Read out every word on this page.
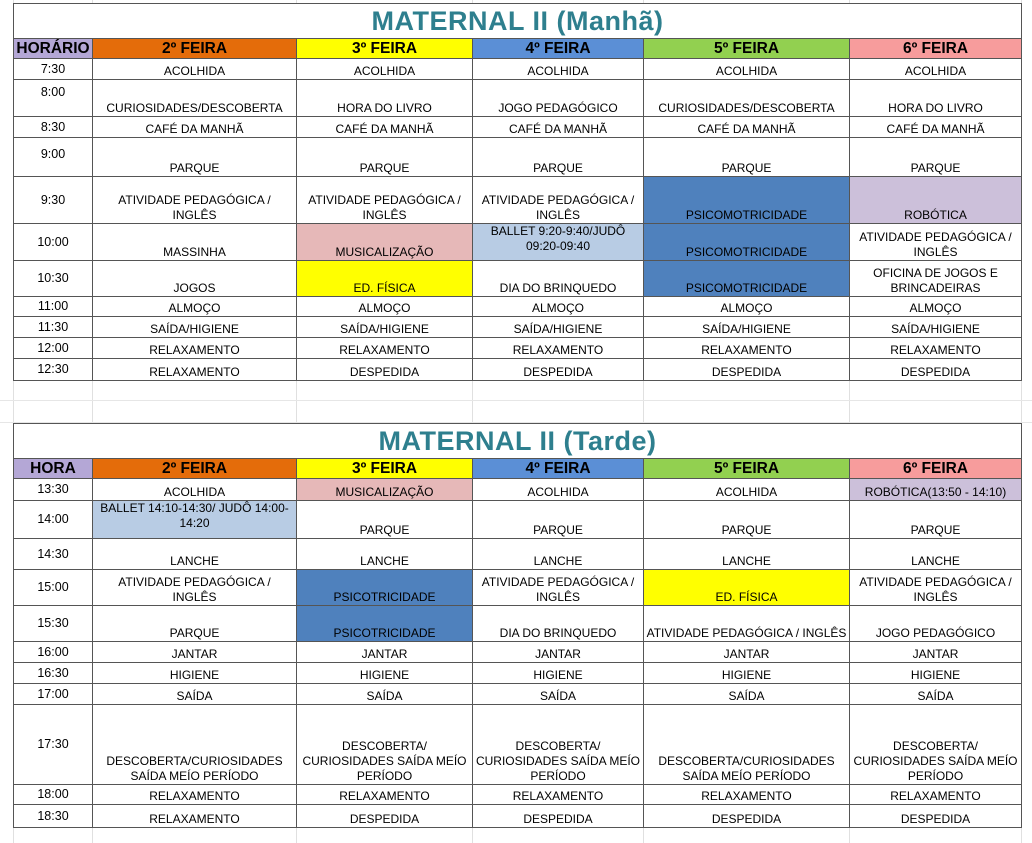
MATERNAL II (Manhã)					
HORÁRIO	2º FEIRA	3º FEIRA	4º FEIRA	5º FEIRA	6º FEIRA
7:30	ACOLHIDA	ACOLHIDA	ACOLHIDA	ACOLHIDA	ACOLHIDA
8:00	CURIOSIDADES/DESCOBERTA	HORA DO LIVRO	JOGO PEDAGÓGICO	CURIOSIDADES/DESCOBERTA	HORA DO LIVRO
8:30	CAFÉ DA MANHÃ	CAFÉ DA MANHÃ	CAFÉ DA MANHÃ	CAFÉ DA MANHÃ	CAFÉ DA MANHÃ
9:00	PARQUE	PARQUE	PARQUE	PARQUE	PARQUE
9:30	ATIVIDADE PEDAGÓGICA / INGLÊS	ATIVIDADE PEDAGÓGICA / INGLÊS	ATIVIDADE PEDAGÓGICA / INGLÊS	PSICOMOTRICIDADE	ROBÓTICA
10:00	MASSINHA	MUSICALIZAÇÃO	BALLET 9:20-9:40/JUDÔ 09:20-09:40	PSICOMOTRICIDADE	ATIVIDADE PEDAGÓGICA / INGLÊS
10:30	JOGOS	ED. FÍSICA	DIA DO BRINQUEDO	PSICOMOTRICIDADE	OFICINA DE JOGOS E BRINCADEIRAS
11:00	ALMOÇO	ALMOÇO	ALMOÇO	ALMOÇO	ALMOÇO
11:30	SAÍDA/HIGIENE	SAÍDA/HIGIENE	SAÍDA/HIGIENE	SAÍDA/HIGIENE	SAÍDA/HIGIENE
12:00	RELAXAMENTO	RELAXAMENTO	RELAXAMENTO	RELAXAMENTO	RELAXAMENTO
12:30	RELAXAMENTO	DESPEDIDA	DESPEDIDA	DESPEDIDA	DESPEDIDA
MATERNAL II (Tarde)					
HORA	2º FEIRA	3º FEIRA	4º FEIRA	5º FEIRA	6º FEIRA
13:30	ACOLHIDA	MUSICALIZAÇÃO	ACOLHIDA	ACOLHIDA	ROBÓTICA(13:50 - 14:10)
14:00	BALLET 14:10-14:30/ JUDÔ 14:00-14:20	PARQUE	PARQUE	PARQUE	PARQUE
14:30	LANCHE	LANCHE	LANCHE	LANCHE	LANCHE
15:00	ATIVIDADE PEDAGÓGICA / INGLÊS	PSICOTRICIDADE	ATIVIDADE PEDAGÓGICA / INGLÊS	ED. FÍSICA	ATIVIDADE PEDAGÓGICA / INGLÊS
15:30	PARQUE	PSICOTRICIDADE	DIA DO BRINQUEDO	ATIVIDADE PEDAGÓGICA / INGLÊS	JOGO PEDAGÓGICO
16:00	JANTAR	JANTAR	JANTAR	JANTAR	JANTAR
16:30	HIGIENE	HIGIENE	HIGIENE	HIGIENE	HIGIENE
17:00	SAÍDA	SAÍDA	SAÍDA	SAÍDA	SAÍDA
17:30	DESCOBERTA/CURIOSIDADES SAÍDA MEÍO PERÍODO	DESCOBERTA/ CURIOSIDADES SAÍDA MEÍO PERÍODO	DESCOBERTA/ CURIOSIDADES SAÍDA MEÍO PERÍODO	DESCOBERTA/CURIOSIDADES SAÍDA MEÍO PERÍODO	DESCOBERTA/ CURIOSIDADES SAÍDA MEÍO PERÍODO
18:00	RELAXAMENTO	RELAXAMENTO	RELAXAMENTO	RELAXAMENTO	RELAXAMENTO
18:30	RELAXAMENTO	DESPEDIDA	DESPEDIDA	DESPEDIDA	DESPEDIDA
